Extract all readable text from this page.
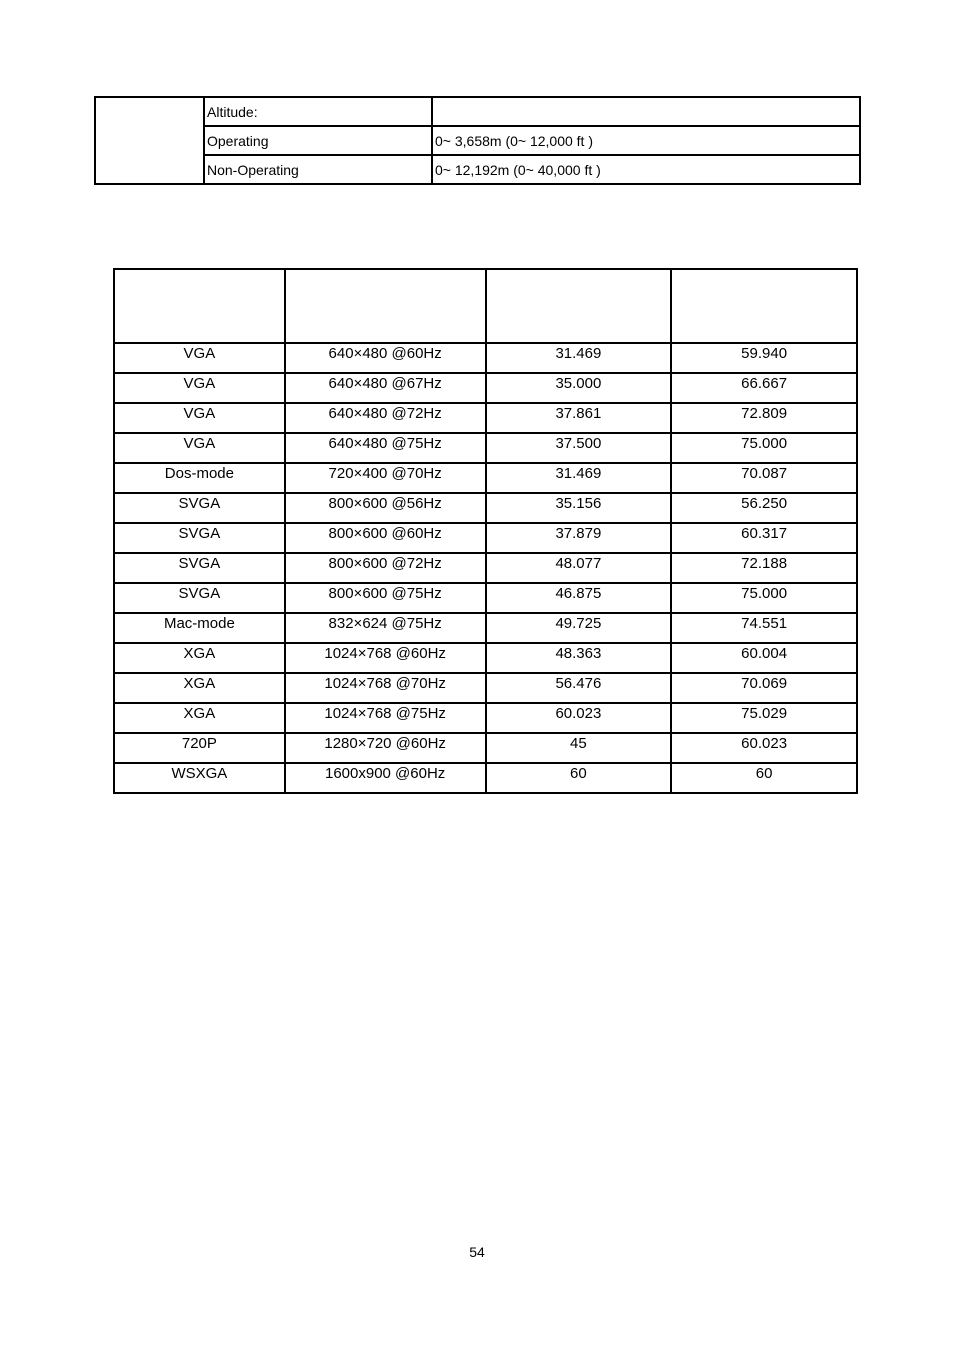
	Altitude:	
	Operating	0~ 3,658m (0~ 12,000 ft )
	Non-Operating	0~ 12,192m (0~ 40,000 ft )

VGA	640×480 @60Hz	31.469	59.940
VGA	640×480 @67Hz	35.000	66.667
VGA	640×480 @72Hz	37.861	72.809
VGA	640×480 @75Hz	37.500	75.000
Dos-mode	720×400 @70Hz	31.469	70.087
SVGA	800×600 @56Hz	35.156	56.250
SVGA	800×600 @60Hz	37.879	60.317
SVGA	800×600 @72Hz	48.077	72.188
SVGA	800×600 @75Hz	46.875	75.000
Mac-mode	832×624 @75Hz	49.725	74.551
XGA	1024×768 @60Hz	48.363	60.004
XGA	1024×768 @70Hz	56.476	70.069
XGA	1024×768 @75Hz	60.023	75.029
720P	1280×720 @60Hz	45	60.023
WSXGA	1600x900 @60Hz	60	60
54
